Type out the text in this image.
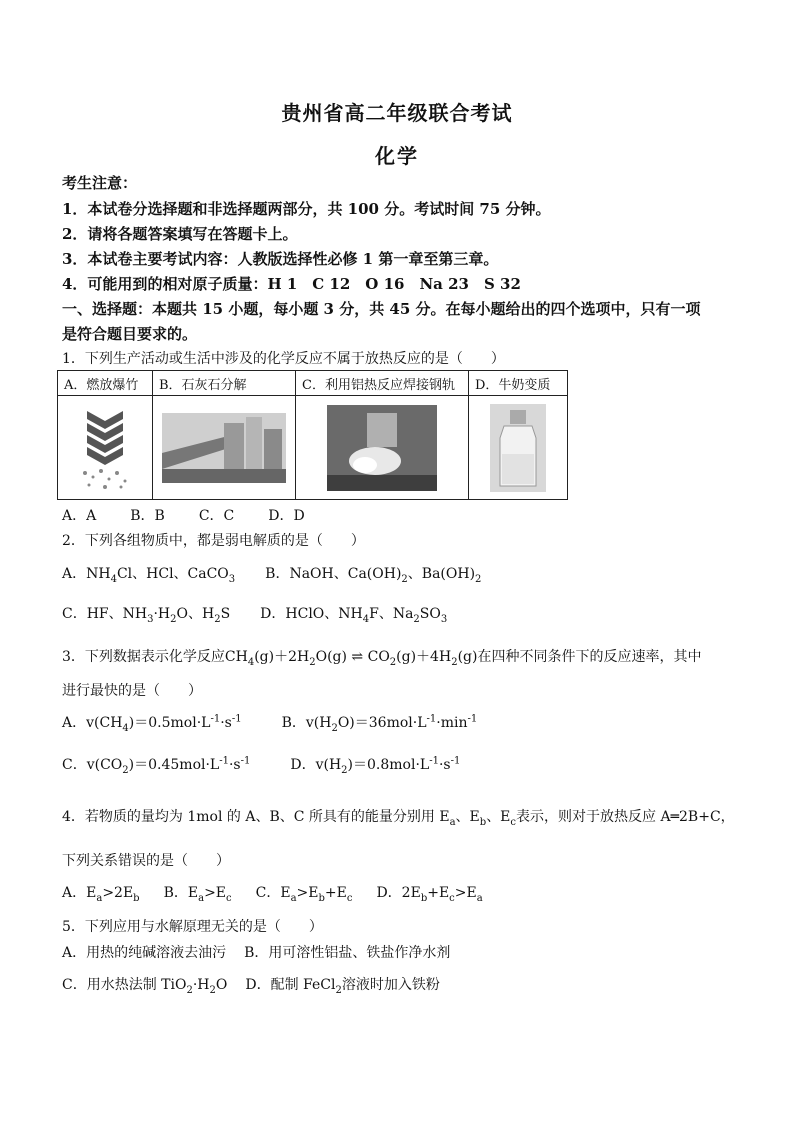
贵州省高二年级联合考试
化学
考生注意：
1．本试卷分选择题和非选择题两部分，共 100 分。考试时间 75 分钟。
2．请将各题答案填写在答题卡上。
3．本试卷主要考试内容：人教版选择性必修 1 第一章至第三章。
4．可能用到的相对原子质量：H 1　C 12　O 16　Na 23　S 32
一、选择题：本题共 15 小题，每小题 3 分，共 45 分。在每小题给出的四个选项中，只有一项
是符合题目要求的。
1．下列生产活动或生活中涉及的化学反应不属于放热反应的是（　　）
A．燃放爆竹	B．石灰石分解	C．利用铝热反应焊接钢轨	D．牛奶变质

A．A B．B C．C D．D
2．下列各组物质中，都是弱电解质的是（　　）
A．$NH_4Cl$、HCl、CaCO$_3$ B．NaOH、$Ca(OH)_2$、$Ba(OH)_2$
C．HF、$NH_3\cdot H_2O$、$H_2S$ D．HClO、$NH_4F$、$Na_2SO_3$
3．下列数据表示化学反应$CH_4(g)+2H_2O(g)$ ⇌ $CO_2(g)+4H_2(g)$在四种不同条件下的反应速率，其中
进行最快的是（　　）
A．$v(CH_4)=0.5mol\cdot L^{-1}\cdot s^{-1}$	B．$v(H_2O)=36mol\cdot L^{-1}\cdot\min^{-1}$
C．$v(CO_2)=0.45mol\cdot L^{-1}\cdot s^{-1}$	D．$v(H_2)=0.8mol\cdot L^{-1}\cdot s^{-1}$
4．若物质的量均为 1mol 的 A、B、C 所具有的能量分别用 $E_a$、$E_b$、$E_c$表示，则对于放热反应 A═2B+C，
下列关系错误的是（　　）
A．$E_a>2E_b$ B．$E_a>E_c$ C．$E_a>E_b+E_c$ D．$2E_b+E_c>E_a$
5．下列应用与水解原理无关的是（　　）
A．用热的纯碱溶液去油污 B．用可溶性铝盐、铁盐作净水剂
C．用水热法制 $TiO_2\cdot H_2O$ D．配制 FeCl$_2$溶液时加入铁粉
